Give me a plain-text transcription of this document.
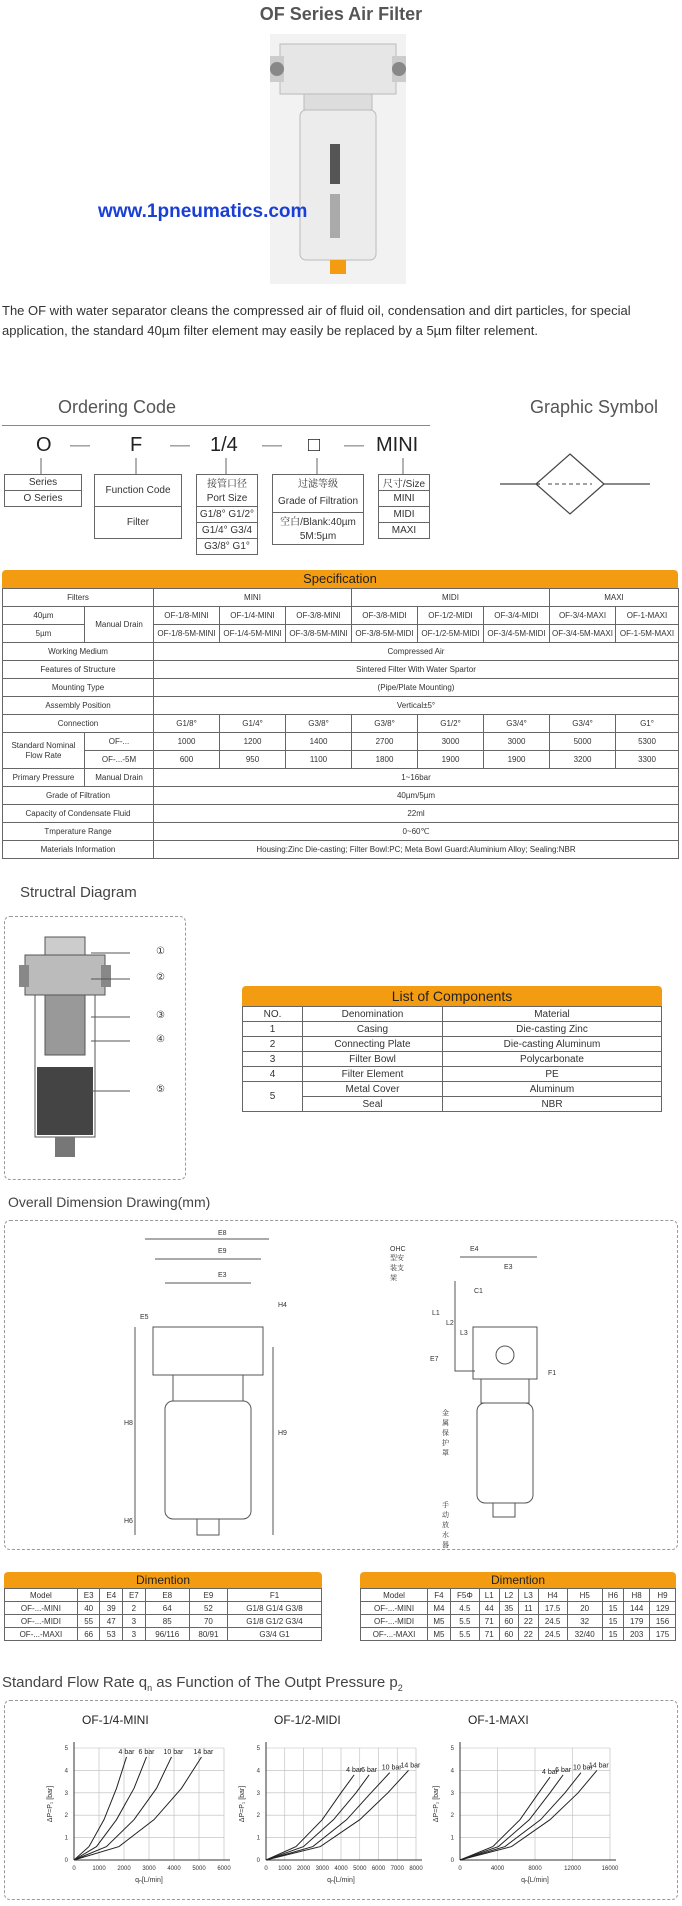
OF Series Air Filter
www.1pneumatics.com
The OF with water separator cleans the compressed air of fluid oil, condensation and dirt particles, for special application, the standard 40µm filter element may easily be replaced by a 5µm filter relement.
Ordering Code	Graphic Symbol
O — F — 1/4 — □ — MINI
Series
O Series
Function Code
Filter
接管口径
Port Size
G1/8° G1/2°
G1/4° G3/4
G3/8° G1°
过滤等级
Grade of Filtration
空白/Blank:40µm
5M:5µm
尺寸/Size
MINI
MIDI
MAXI
Specification
Filters		MINI			MIDI			MAXI	
40µm	Manual Drain	OF-1/8-MINI	OF-1/4-MINI	OF-3/8-MINI	OF-3/8-MIDI	OF-1/2-MIDI	OF-3/4-MIDI	OF-3/4-MAXI	OF-1-MAXI
5µm		OF-1/8-5M-MINI	OF-1/4-5M-MINI	OF-3/8-5M-MINI	OF-3/8-5M-MIDI	OF-1/2-5M-MIDI	OF-3/4-5M-MIDI	OF-3/4-5M-MAXI	OF-1-5M-MAXI
Working Medium		Compressed Air							
Features of Structure		Sintered Filter With Water Spartor							
Mounting Type		(Pipe/Plate Mounting)							
Assembly Position		Vertical±5°							
Connection		G1/8°	G1/4°	G3/8°	G3/8°	G1/2°	G3/4°	G3/4°	G1°
Standard Nominal Flow Rate	OF-...	1000	1200	1400	2700	3000	3000	5000	5300
	OF-...-5M	600	950	1100	1800	1900	1900	3200	3300
Primary Pressure	Manual Drain	1~16bar							
Grade of Filtration		40µm/5µm							
Capacity of Condensate Fluid		22ml							
Tmperature Range		0~60℃							
Materials Information		Housing:Zinc Die-casting; Filter Bowl:PC; Meta Bowl Guard:Aluminium Alloy; Sealing:NBR							
Structral Diagram
①
②
③
④
⑤
List of Components
NO.	Denomination	Material
1	Casing	Die-casting Zinc
2	Connecting Plate	Die-casting Aluminum
3	Filter Bowl	Polycarbonate
4	Filter Element	PE
5	Metal Cover	Aluminum
	Seal	NBR
Overall Dimension Drawing(mm)
E8
E9
E3
E5
H4
H8
H9
H6
OHC型安装支架
E4
E3
C1
L1
L2
L3
E7
F1
金属保护罩
手动放水器
Dimention
Model	E3	E4	E7	E8	E9	F1
OF-...-MINI	40	39	2	64	52	G1/8 G1/4 G3/8
OF-...-MIDI	55	47	3	85	70	G1/8 G1/2 G3/4
OF-...-MAXI	66	53	3	96/116	80/91	G3/4 G1
Dimention
Model	F4	F5Φ	L1	L2	L3	H4	H5	H6	H8	H9
OF-...-MINI	M4	4.5	44	35	11	17.5	20	15	144	129
OF-...-MIDI	M5	5.5	71	60	22	24.5	32	15	179	156
OF-...-MAXI	M5	5.5	71	60	22	24.5	32/40	15	203	175
Standard Flow Rate $q_n$ as Function of The Outpt Pressure $p_2$
OF-1/4-MINI
0	1000 2000 3000 4000 5000 6000
0
1
2
3
4
5
qₙ[L/min]
ΔP=P₁ [bar]
4 bar 6 bar 10 bar 14 bar
OF-1/2-MIDI
0 1000 2000 3000 4000 5000 6000 7000 8000
0
1
2
3
4
5
qₙ[L/min]
ΔP=P₁ [bar]
4 bar 6 bar 10 bar
14 bar
OF-1-MAXI
0	4000	8000	12000	16000
0
1
2
3
4
5
qₙ[L/min]
ΔP=P₁ [bar]
4 bar
6 bar 10 bar
14 bar
